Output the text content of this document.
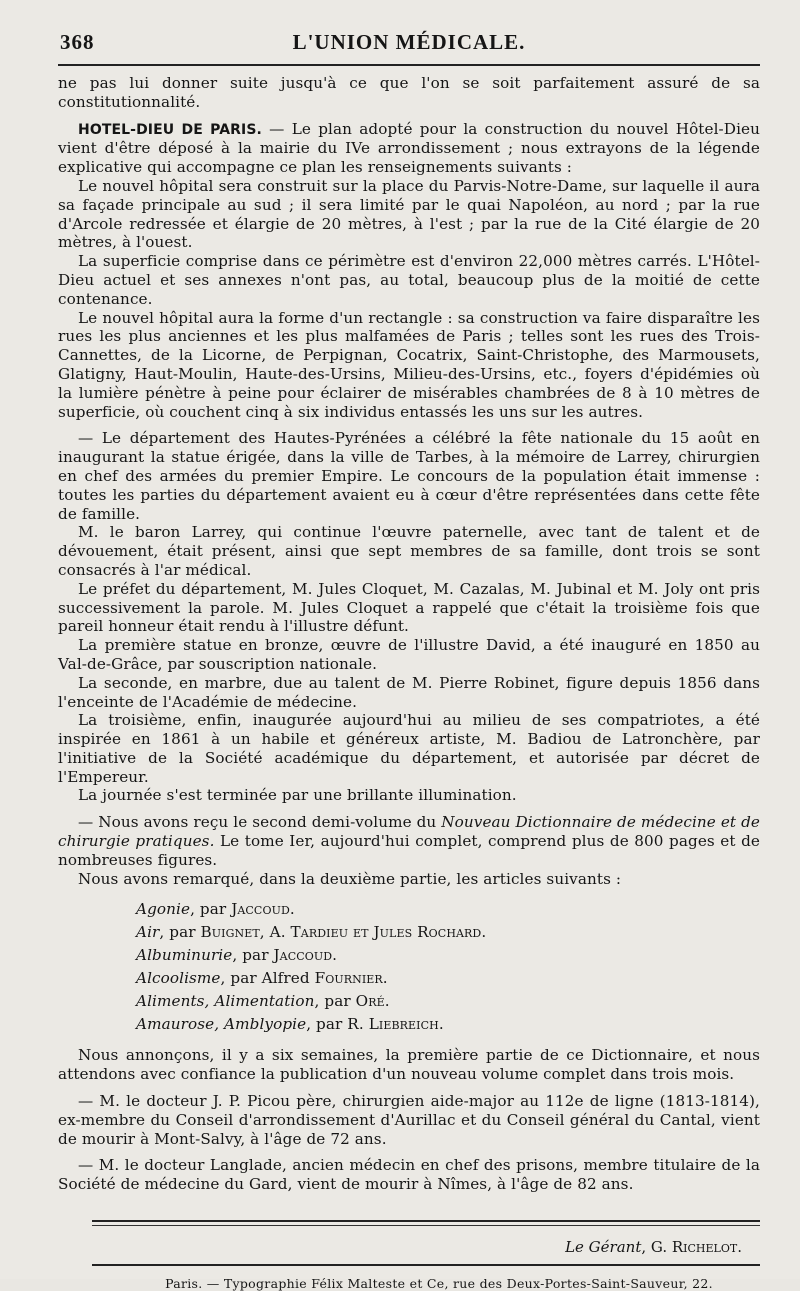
368	L'UNION MÉDICALE.

ne pas lui donner suite jusqu'à ce que l'on se soit parfaitement assuré de sa constitutionnalité.

HOTEL-DIEU DE PARIS. — Le plan adopté pour la construction du nouvel Hôtel-Dieu vient d'être déposé à la mairie du IVe arrondissement ; nous extrayons de la légende explicative qui accompagne ce plan les renseignements suivants :

Le nouvel hôpital sera construit sur la place du Parvis-Notre-Dame, sur laquelle il aura sa façade principale au sud ; il sera limité par le quai Napoléon, au nord ; par la rue d'Arcole redressée et élargie de 20 mètres, à l'est ; par la rue de la Cité élargie de 20 mètres, à l'ouest.

La superficie comprise dans ce périmètre est d'environ 22,000 mètres carrés. L'Hôtel-Dieu actuel et ses annexes n'ont pas, au total, beaucoup plus de la moitié de cette contenance.

Le nouvel hôpital aura la forme d'un rectangle : sa construction va faire disparaître les rues les plus anciennes et les plus malfamées de Paris ; telles sont les rues des Trois-Cannettes, de la Licorne, de Perpignan, Cocatrix, Saint-Christophe, des Marmousets, Glatigny, Haut-Moulin, Haute-des-Ursins, Milieu-des-Ursins, etc., foyers d'épidémies où la lumière pénètre à peine pour éclairer de misérables chambrées de 8 à 10 mètres de superficie, où couchent cinq à six individus entassés les uns sur les autres.

— Le département des Hautes-Pyrénées a célébré la fête nationale du 15 août en inaugurant la statue érigée, dans la ville de Tarbes, à la mémoire de Larrey, chirurgien en chef des armées du premier Empire. Le concours de la population était immense : toutes les parties du département avaient eu à cœur d'être représentées dans cette fête de famille.

M. le baron Larrey, qui continue l'œuvre paternelle, avec tant de talent et de dévouement, était présent, ainsi que sept membres de sa famille, dont trois se sont consacrés à l'ar médical.

Le préfet du département, M. Jules Cloquet, M. Cazalas, M. Jubinal et M. Joly ont pris successivement la parole. M. Jules Cloquet a rappelé que c'était la troisième fois que pareil honneur était rendu à l'illustre défunt.

La première statue en bronze, œuvre de l'illustre David, a été inauguré en 1850 au Val-de-Grâce, par souscription nationale.

La seconde, en marbre, due au talent de M. Pierre Robinet, figure depuis 1856 dans l'enceinte de l'Académie de médecine.

La troisième, enfin, inaugurée aujourd'hui au milieu de ses compatriotes, a été inspirée en 1861 à un habile et généreux artiste, M. Badiou de Latronchère, par l'initiative de la Société académique du département, et autorisée par décret de l'Empereur.

La journée s'est terminée par une brillante illumination.

— Nous avons reçu le second demi-volume du Nouveau Dictionnaire de médecine et de chirurgie pratiques. Le tome Ier, aujourd'hui complet, comprend plus de 800 pages et de nombreuses figures.

Nous avons remarqué, dans la deuxième partie, les articles suivants :

Agonie, par Jaccoud.
Air, par Buignet, A. Tardieu et Jules Rochard.
Albuminurie, par Jaccoud.
Alcoolisme, par Alfred Fournier.
Aliments, Alimentation, par Oré.
Amaurose, Amblyopie, par R. Liebreich.

Nous annonçons, il y a six semaines, la première partie de ce Dictionnaire, et nous attendons avec confiance la publication d'un nouveau volume complet dans trois mois.

— M. le docteur J. P. Picou père, chirurgien aide-major au 112e de ligne (1813-1814), ex-membre du Conseil d'arrondissement d'Aurillac et du Conseil général du Cantal, vient de mourir à Mont-Salvy, à l'âge de 72 ans.

— M. le docteur Langlade, ancien médecin en chef des prisons, membre titulaire de la Société de médecine du Gard, vient de mourir à Nîmes, à l'âge de 82 ans.

Le Gérant, G. Richelot.
Paris. — Typographie Félix Malteste et Ce, rue des Deux-Portes-Saint-Sauveur, 22.
